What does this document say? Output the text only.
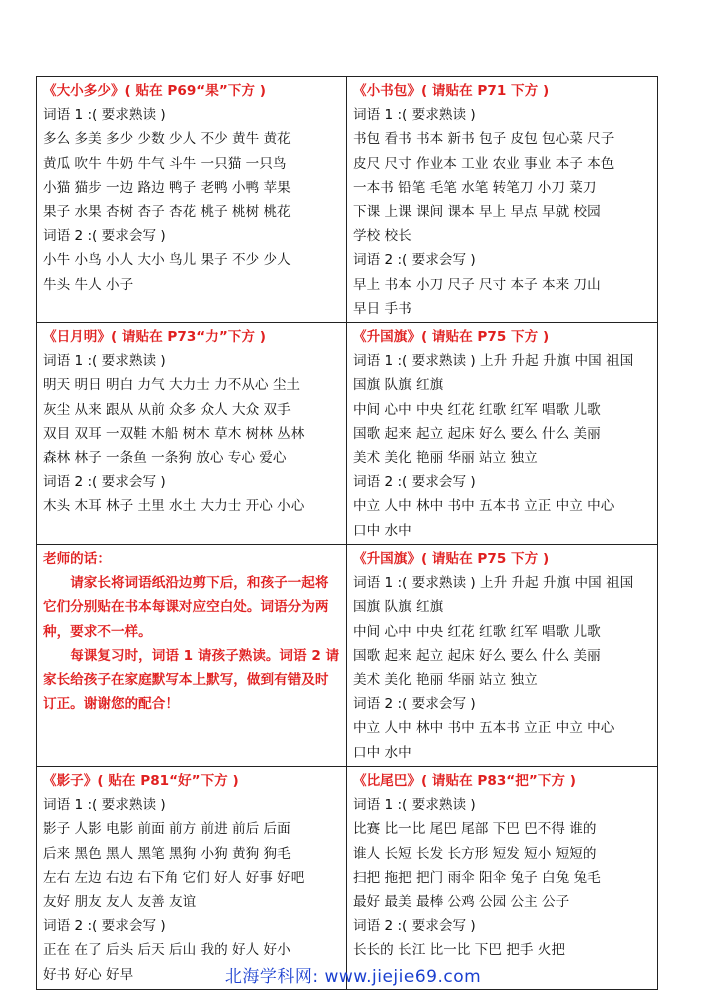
《大小多少》( 贴在 P69“果”下方 )
词语 1 :( 要求熟读 )
多么 多美 多少 少数 少人 不少 黄牛 黄花
黄瓜 吹牛 牛奶 牛气 斗牛 一只猫 一只鸟
小猫 猫步 一边 路边 鸭子 老鸭 小鸭 苹果
果子 水果 杏树 杏子 杏花 桃子 桃树 桃花
词语 2 :( 要求会写 )
小牛 小鸟 小人 大小 鸟儿 果子 不少 少人
牛头 牛人 小子
《小书包》( 请贴在 P71 下方 )
词语 1 :( 要求熟读 )
书包 看书 书本 新书 包子 皮包 包心菜 尺子
皮尺 尺寸 作业本 工业 农业 事业 本子 本色
一本书 铅笔 毛笔 水笔 转笔刀 小刀 菜刀
下课 上课 课间 课本 早上 早点 早就 校园
学校 校长
词语 2 :( 要求会写 )
早上 书本 小刀 尺子 尺寸 本子 本来 刀山
早日 手书
《日月明》( 请贴在 P73“力”下方 )
词语 1 :( 要求熟读 )
明天 明日 明白 力气 大力士 力不从心 尘土
灰尘 从来 跟从 从前 众多 众人 大众 双手
双目 双耳 一双鞋 木船 树木 草木 树林 丛林
森林 林子 一条鱼 一条狗 放心 专心 爱心
词语 2 :( 要求会写 )
木头 木耳 林子 土里 水土 大力士 开心 小心
《升国旗》( 请贴在 P75 下方 )
词语 1 :( 要求熟读 ) 上升 升起 升旗 中国 祖国
国旗 队旗 红旗
中间 心中 中央 红花 红歌 红军 唱歌 儿歌
国歌 起来 起立 起床 好么 要么 什么 美丽
美术 美化 艳丽 华丽 站立 独立
词语 2 :( 要求会写 )
中立 人中 林中 书中 五本书 立正 中立 中心
口中 水中
老师的话：
请家长将词语纸沿边剪下后，和孩子一起将它们分别贴在书本每课对应空白处。词语分为两种，要求不一样。
每课复习时，词语 1 请孩子熟读。词语 2 请家长给孩子在家庭默写本上默写，做到有错及时订正。谢谢您的配合！
《升国旗》( 请贴在 P75 下方 )
词语 1 :( 要求熟读 ) 上升 升起 升旗 中国 祖国
国旗 队旗 红旗
中间 心中 中央 红花 红歌 红军 唱歌 儿歌
国歌 起来 起立 起床 好么 要么 什么 美丽
美术 美化 艳丽 华丽 站立 独立
词语 2 :( 要求会写 )
中立 人中 林中 书中 五本书 立正 中立 中心
口中 水中
《影子》( 贴在 P81“好”下方 )
词语 1 :( 要求熟读 )
影子 人影 电影 前面 前方 前进 前后 后面
后来 黑色 黑人 黑笔 黑狗 小狗 黄狗 狗毛
左右 左边 右边 右下角 它们 好人 好事 好吧
友好 朋友 友人 友善 友谊
词语 2 :( 要求会写 )
正在 在了 后头 后天 后山 我的 好人 好小
好书 好心 好早
《比尾巴》( 请贴在 P83“把”下方 )
词语 1 :( 要求熟读 )
比赛 比一比 尾巴 尾部 下巴 巴不得 谁的
谁人 长短 长发 长方形 短发 短小 短短的
扫把 拖把 把门 雨伞 阳伞 兔子 白兔 兔毛
最好 最美 最棒 公鸡 公园 公主 公子
词语 2 :( 要求会写 )
长长的 长江 比一比 下巴 把手 火把
北海学科网: www.jiejie69.com
